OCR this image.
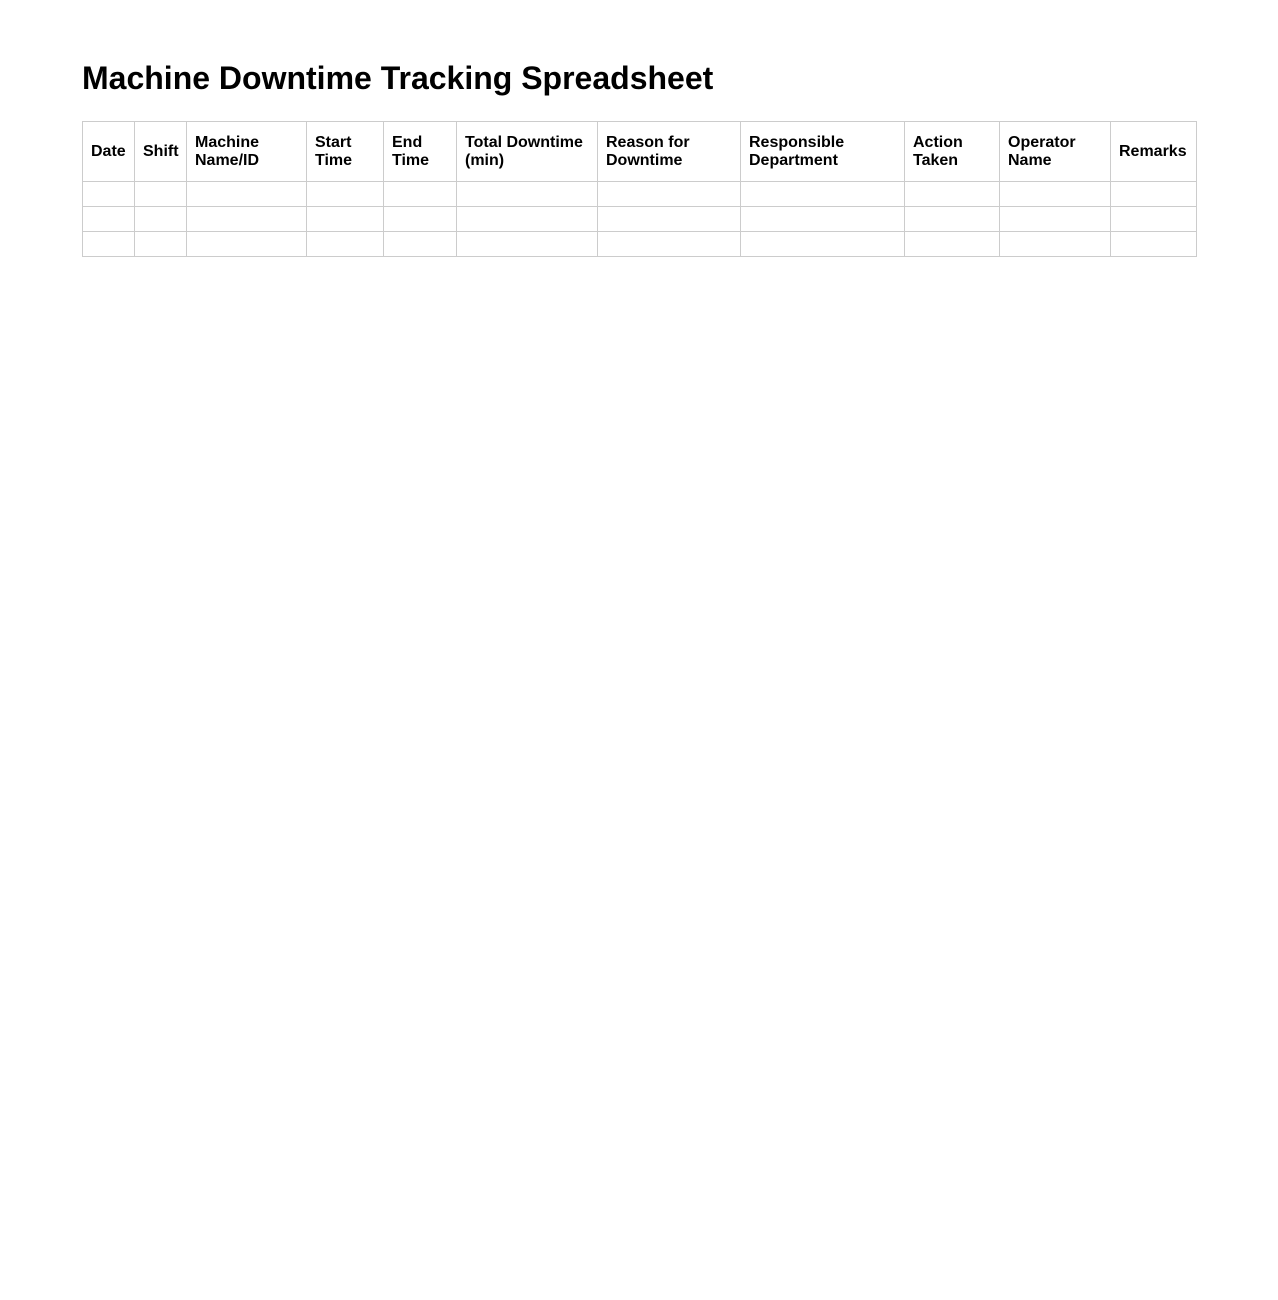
Machine Downtime Tracking Spreadsheet
Date	Shift	Machine Name/ID	Start Time	End Time	Total Downtime (min)	Reason for Downtime	Responsible Department	Action Taken	Operator Name	Remarks
